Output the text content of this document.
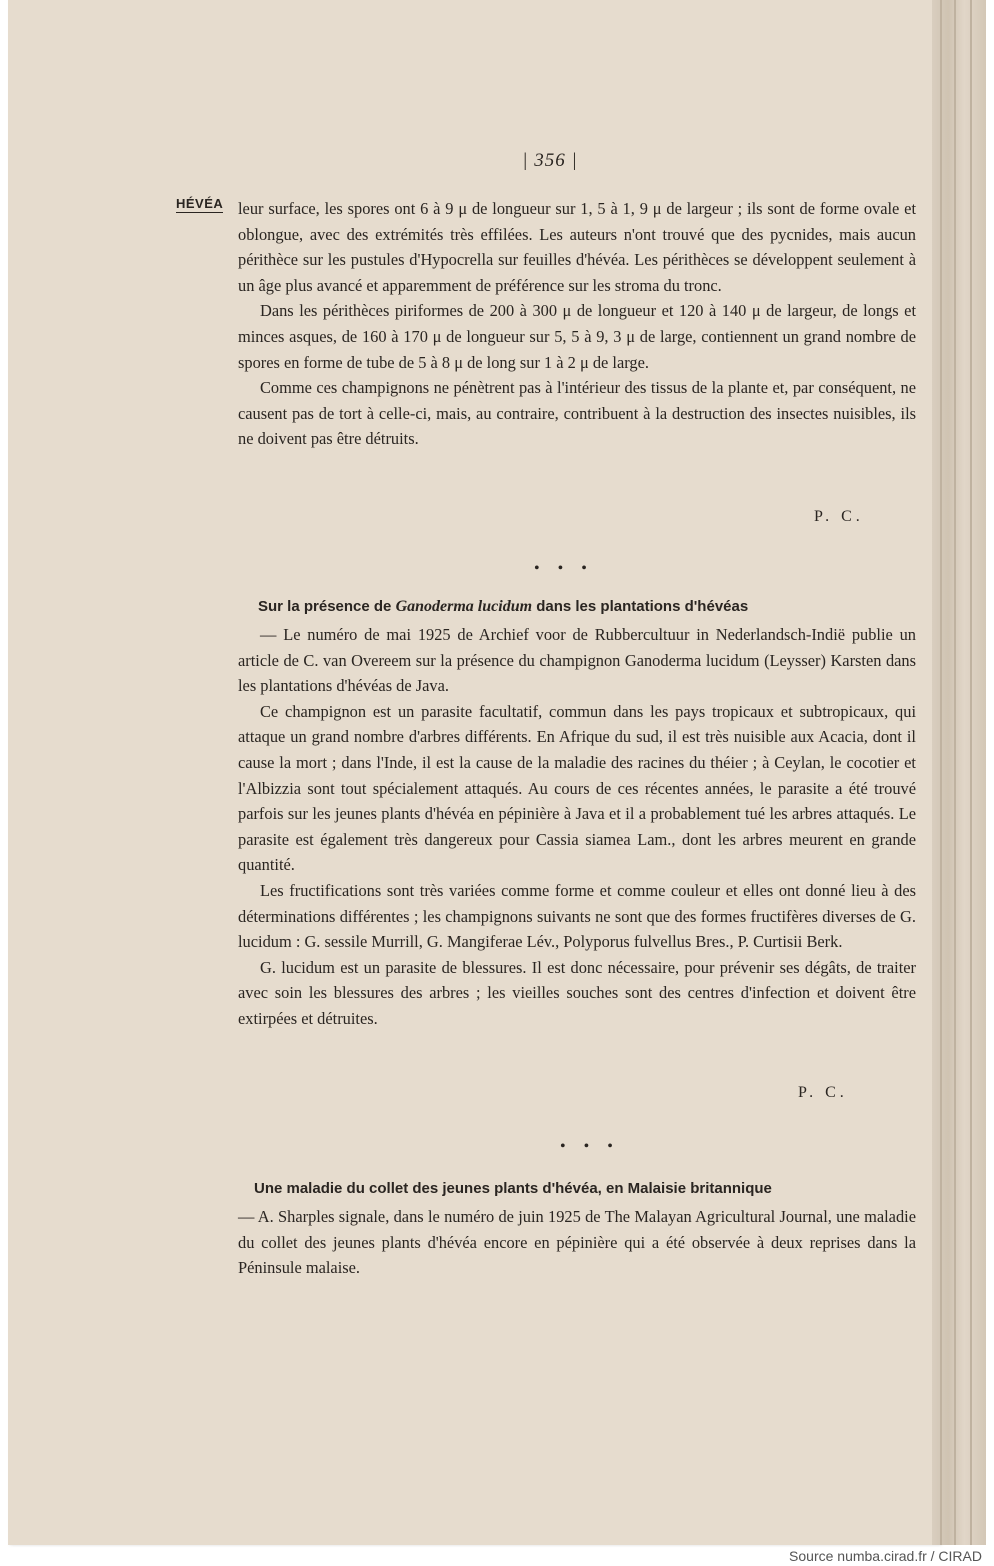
| 356 |
HÉVÉA leur surface, les spores ont 6 à 9 μ de longueur sur 1, 5 à 1, 9 μ de largeur ; ils sont de forme ovale et oblongue, avec des extrémités très effilées. Les auteurs n'ont trouvé que des pycnides, mais aucun périthèce sur les pustules d'Hypocrella sur feuilles d'hévéa. Les périthèces se développent seulement à un âge plus avancé et apparemment de préférence sur les stroma du tronc.

Dans les périthèces piriformes de 200 à 300 μ de longueur et 120 à 140 μ de largeur, de longs et minces asques, de 160 à 170 μ de longueur sur 5, 5 à 9, 3 μ de large, contiennent un grand nombre de spores en forme de tube de 5 à 8 μ de long sur 1 à 2 μ de large.

Comme ces champignons ne pénètrent pas à l'intérieur des tissus de la plante et, par conséquent, ne causent pas de tort à celle-ci, mais, au contraire, contribuent à la destruction des insectes nuisibles, ils ne doivent pas être détruits.

P. C.
• • •
Sur la présence de Ganoderma lucidum dans les plantations d'hévéas

— Le numéro de mai 1925 de Archief voor de Rubbercultuur in Nederlandsch-Indië publie un article de C. van Overeem sur la présence du champignon Ganoderma lucidum (Leysser) Karsten dans les plantations d'hévéas de Java.

Ce champignon est un parasite facultatif, commun dans les pays tropicaux et subtropicaux, qui attaque un grand nombre d'arbres différents. En Afrique du sud, il est très nuisible aux Acacia, dont il cause la mort ; dans l'Inde, il est la cause de la maladie des racines du théier ; à Ceylan, le cocotier et l'Albizzia sont tout spécialement attaqués. Au cours de ces récentes années, le parasite a été trouvé parfois sur les jeunes plants d'hévéa en pépinière à Java et il a probablement tué les arbres attaqués. Le parasite est également très dangereux pour Cassia siamea Lam., dont les arbres meurent en grande quantité.

Les fructifications sont très variées comme forme et comme couleur et elles ont donné lieu à des déterminations différentes ; les champignons suivants ne sont que des formes fructifères diverses de G. lucidum : G. sessile Murrill, G. Mangiferae Lév., Polyporus fulvellus Bres., P. Curtisii Berk.

G. lucidum est un parasite de blessures. Il est donc nécessaire, pour prévenir ses dégâts, de traiter avec soin les blessures des arbres ; les vieilles souches sont des centres d'infection et doivent être extirpées et détruites.

P. C.
• • •
Une maladie du collet des jeunes plants d'hévéa, en Malaisie britannique

— A. Sharples signale, dans le numéro de juin 1925 de The Malayan Agricultural Journal, une maladie du collet des jeunes plants d'hévéa encore en pépinière qui a été observée à deux reprises dans la Péninsule malaise.

Source numba.cirad.fr / CIRAD
